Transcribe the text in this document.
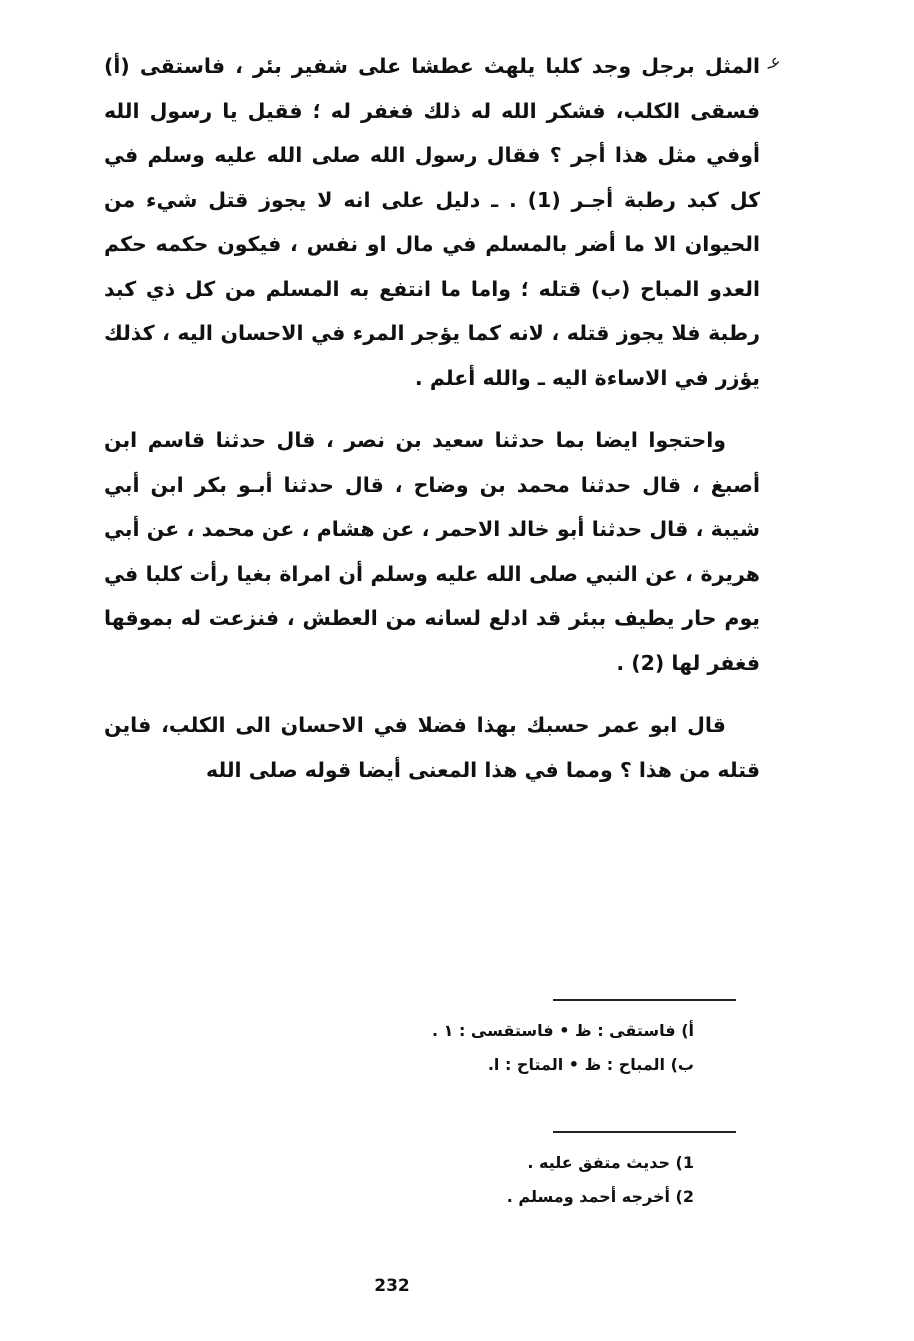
عـ

المثل برجل وجد كلبا يلهث عطشا على شفير بئر ، فاستقى (أ) فسقى الكلب، فشكر الله له ذلك فغفر له ؛ فقيل يا رسول الله أوفي مثل هذا أجر ؟ فقال رسول الله صلى الله عليه وسلم في كل كبد رطبة أجـر (1) . ـ دليل على انه لا يجوز قتل شيء من الحيوان الا ما أضر بالمسلم في مال او نفس ، فيكون حكمه حكم العدو المباح (ب) قتله ؛ واما ما انتفع به المسلم من كل ذي كبد رطبة فلا يجوز قتله ، لانه كما يؤجر المرء في الاحسان اليه ، كذلك يؤزر في الاساءة اليه ـ والله أعلم .

واحتجوا ايضا بما حدثنا سعيد بن نصر ، قال حدثنا قاسم ابن أصبغ ، قال حدثنا محمد بن وضاح ، قال حدثنا أبـو بكر ابن أبي شيبة ، قال حدثنا أبو خالد الاحمر ، عن هشام ، عن محمد ، عن أبي هريرة ، عن النبي صلى الله عليه وسلم أن امراة بغيا رأت كلبا في يوم حار يطيف ببئر قد ادلع لسانه من العطش ، فنزعت له بموقها فغفر لها (2) .

قال ابو عمر حسبك بهذا فضلا في الاحسان الى الكلب، فاين قتله من هذا ؟ ومما في هذا المعنى أيضا قوله صلى الله

أ) فاستقى : ظ • فاستقسى : ١ .
ب) المباح : ظ • المتاح : ا.
1) حديث متفق عليه .
2) أخرجه أحمد ومسلم .
232
